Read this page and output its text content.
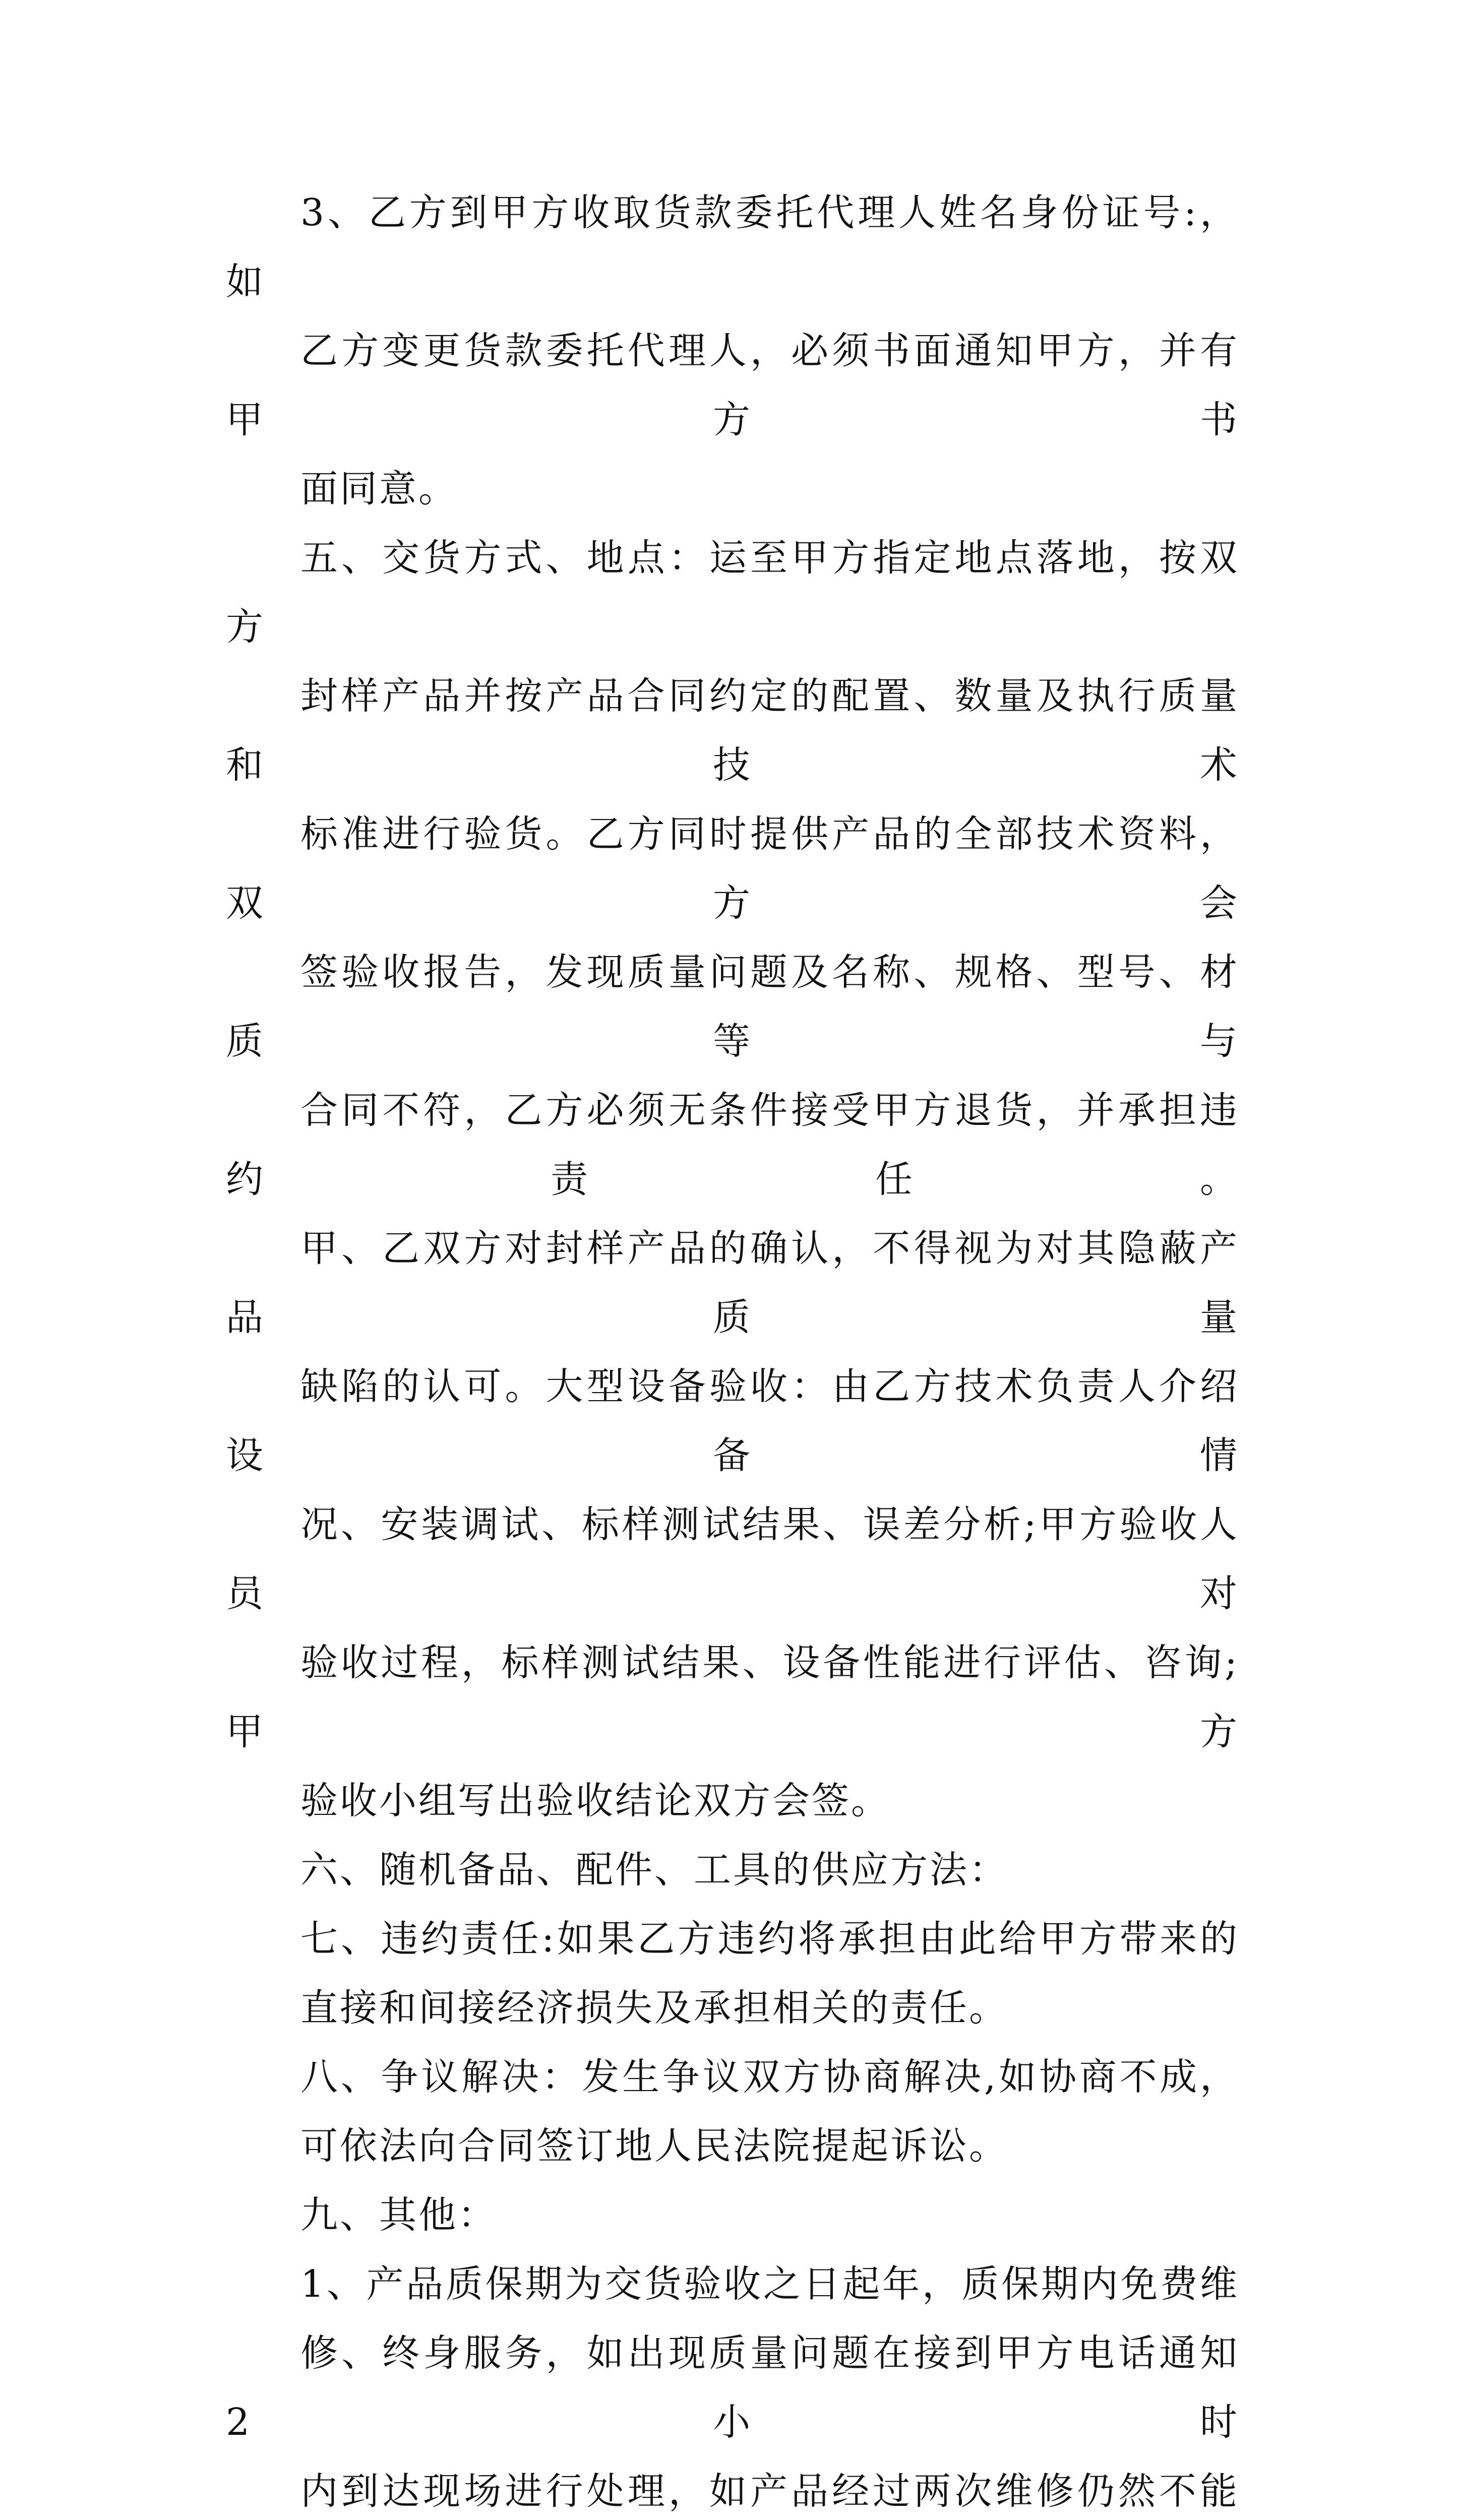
3、乙方到甲方收取货款委托代理人姓名身份证号:，如
乙方变更货款委托代理人，必须书面通知甲方，并有甲方书
面同意。

五、交货方式、地点：运至甲方指定地点落地，按双方
封样产品并按产品合同约定的配置、数量及执行质量和技术
标准进行验货。乙方同时提供产品的全部技术资料，双方会
签验收报告，发现质量问题及名称、规格、型号、材质等与
合同不符，乙方必须无条件接受甲方退货，并承担违约责任。
甲、乙双方对封样产品的确认，不得视为对其隐蔽产品质量
缺陷的认可。大型设备验收：由乙方技术负责人介绍设备情
况、安装调试、标样测试结果、误差分析;甲方验收人员对
验收过程，标样测试结果、设备性能进行评估、咨询;甲方
验收小组写出验收结论双方会签。

六、随机备品、配件、工具的供应方法：

七、违约责任:如果乙方违约将承担由此给甲方带来的
直接和间接经济损失及承担相关的责任。

八、争议解决：发生争议双方协商解决,如协商不成，
可依法向合同签订地人民法院提起诉讼。

九、其他：

1、产品质保期为交货验收之日起年，质保期内免费维
修、终身服务，如出现质量问题在接到甲方电话通知 2 小时
内到达现场进行处理，如产品经过两次维修仍然不能
